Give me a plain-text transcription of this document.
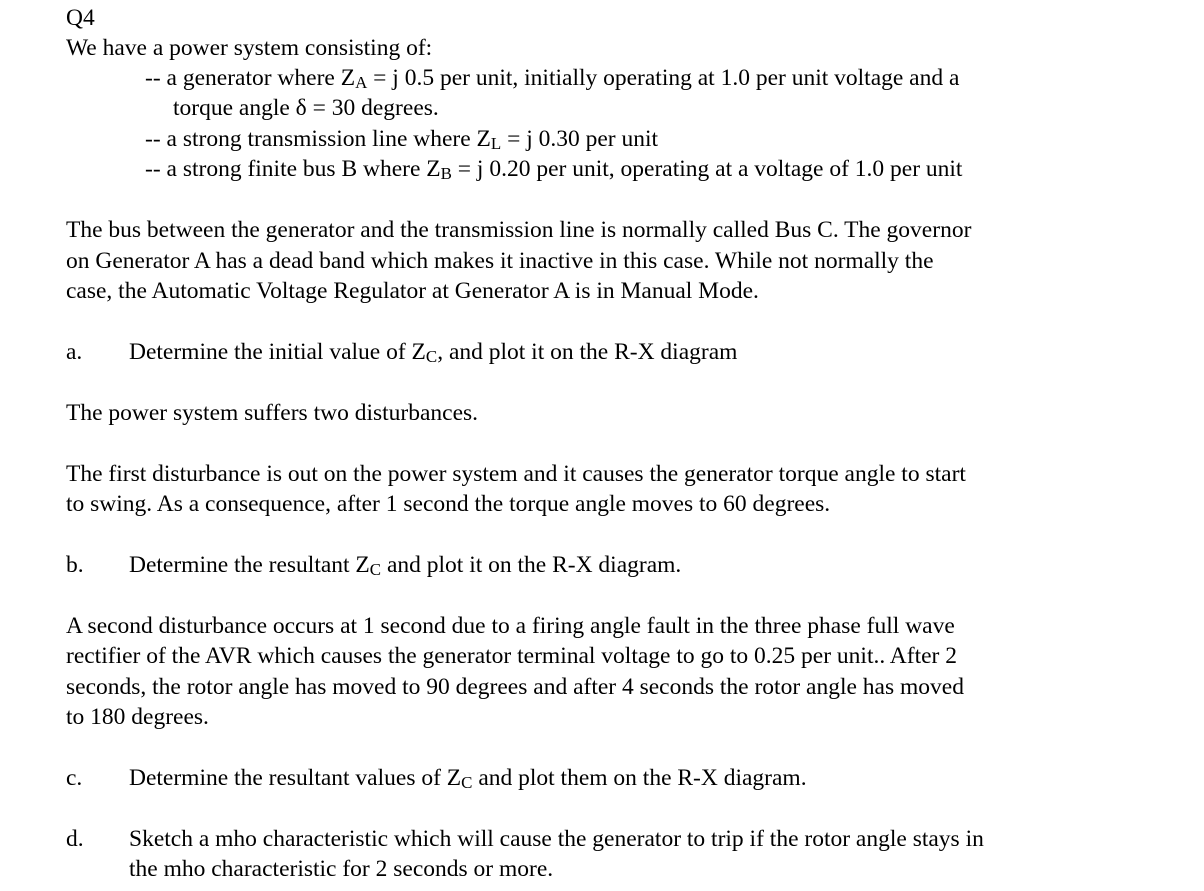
Q4
We have a power system consisting of:
-- a generator where $Z_A = j$ 0.5 per unit, initially operating at 1.0 per unit voltage and a
torque angle δ = 30 degrees.
-- a strong transmission line where $Z_L = j$ 0.30 per unit
-- a strong finite bus B where $Z_B = j$ 0.20 per unit, operating at a voltage of 1.0 per unit
The bus between the generator and the transmission line is normally called Bus C. The governor
on Generator A has a dead band which makes it inactive in this case. While not normally the
case, the Automatic Voltage Regulator at Generator A is in Manual Mode.
a. Determine the initial value of $Z_C$, and plot it on the R-X diagram
The power system suffers two disturbances.
The first disturbance is out on the power system and it causes the generator torque angle to start
to swing. As a consequence, after 1 second the torque angle moves to 60 degrees.
b. Determine the resultant $Z_C$ and plot it on the R-X diagram.
A second disturbance occurs at 1 second due to a firing angle fault in the three phase full wave
rectifier of the AVR which causes the generator terminal voltage to go to 0.25 per unit.. After 2
seconds, the rotor angle has moved to 90 degrees and after 4 seconds the rotor angle has moved
to 180 degrees.
c. Determine the resultant values of $Z_C$ and plot them on the R-X diagram.
d. Sketch a mho characteristic which will cause the generator to trip if the rotor angle stays in
the mho characteristic for 2 seconds or more.
